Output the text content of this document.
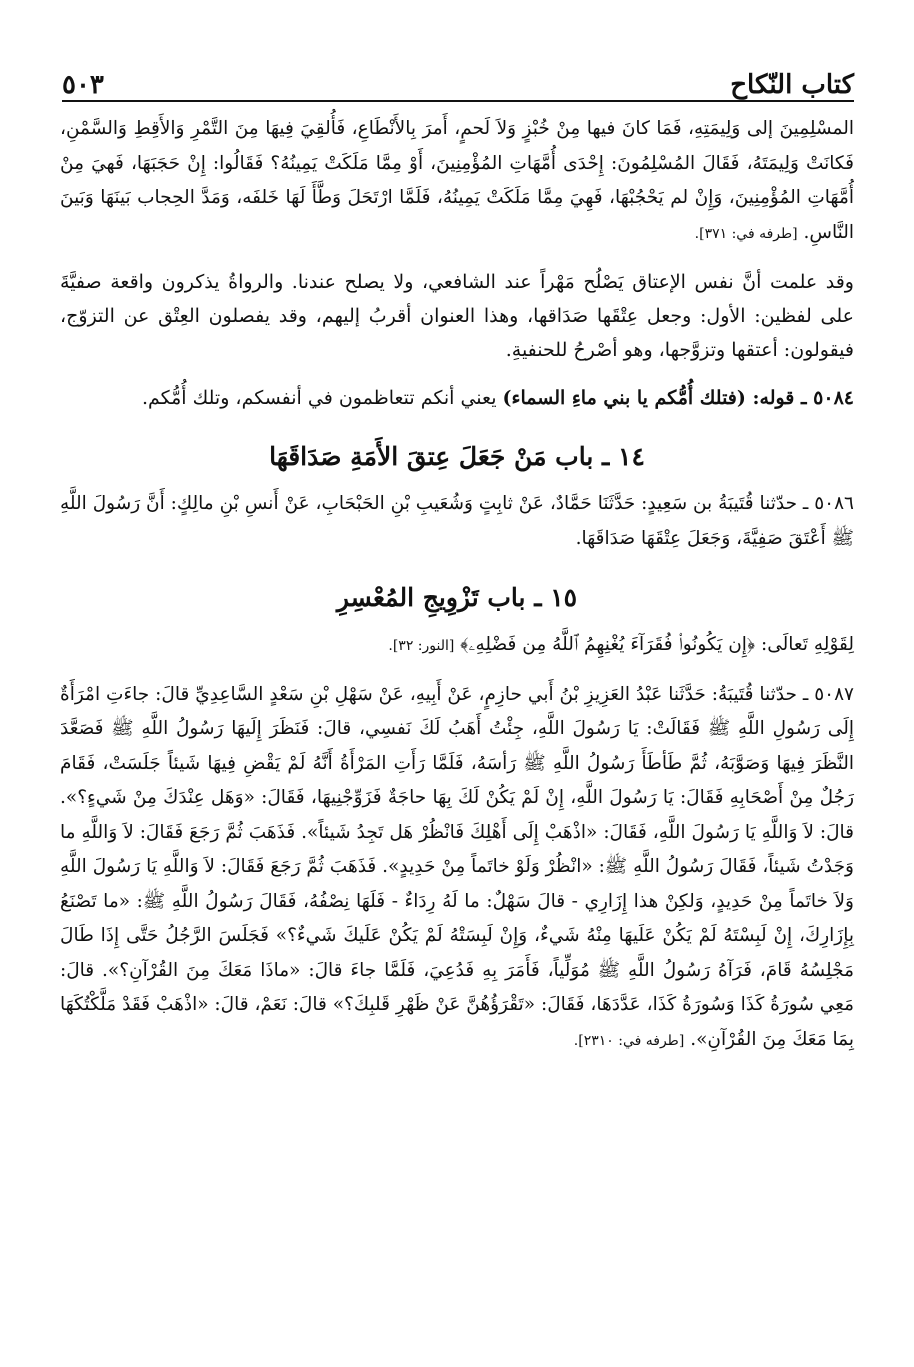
كتاب النّكاح
٥٠٣

المسْلِمِينَ إلى وَلِيمَتِهِ، فَمَا كانَ فيها مِنْ خُبْزٍ وَلاَ لَحمٍ، أَمرَ بِالأَنْطَاعِ، فَأُلقِيَ فِيهَا مِنَ التَّمْرِ وَالأَقِطِ وَالسَّمْنِ، فَكانَتْ وَلِيمَتَهُ، فَقَالَ المُسْلِمُونَ: إِحْدَى أُمَّهَاتِ المُؤْمِنِينَ، أَوْ مِمَّا مَلَكَتْ يَمِينُهُ؟ فَقَالُوا: إِنْ حَجَبَهَا، فَهيَ مِنْ أُمَّهَاتِ المُؤْمِنِينَ، وَإِنْ لم يَحْجُبْهَا، فَهِيَ مِمَّا مَلَكَتْ يَمِينُهُ، فَلَمَّا ارْتَحَلَ وَطَّأَ لَهَا خَلفَه، وَمَدَّ الحِجاب بَينَهَا وَبَينَ النَّاسِ. [طرفه في: ٣٧١].

وقد علمت أنَّ نفس الإعتاق يَصْلُح مَهْراً عند الشافعي، ولا يصلح عندنا. والرواةُ يذكرون واقعة صفيَّةَ على لفظين: الأول: وجعل عِتْقَها صَدَاقها، وهذا العنوان أقربُ إليهم، وقد يفصلون العِتْق عن التزوّج، فيقولون: أعتقها وتزوَّجها، وهو أصْرحُ للحنفيةِ.

٥٠٨٤ ـ قوله: (فتلك أُمُّكم يا بني ماءِ السماء) يعني أنكم تتعاظمون في أنفسكم، وتلك أُمُّكم.

١٤ ـ باب مَنْ جَعَلَ عِتقَ الأَمَةِ صَدَاقَهَا

٥٠٨٦ ـ حدّثنا قُتَيبَةُ بن سَعِيدٍ: حَدَّثَنَا حَمَّادٌ، عَنْ ثابِتٍ وَشُعَيبِ بْنِ الحَبْحَابِ، عَنْ أَنسِ بْنِ مالِكٍ: أَنَّ رَسُولَ اللَّهِ ﷺ أَعْتَقَ صَفِيَّةَ، وَجَعَلَ عِتْقَهَا صَدَاقَهَا.

١٥ ـ باب تَزْوِيجِ المُعْسِرِ

لِقَوْلِهِ تَعالَى: ﴿إِن يَكُونُوا۟ فُقَرَآءَ يُغْنِهِمُ ٱللَّهُ مِن فَضْلِهِۦ﴾ [النور: ٣٢].

٥٠٨٧ ـ حدّثنا قُتَيبَةُ: حَدَّثَنا عَبْدُ العَزِيزِ بْنُ أَبي حازِمٍ، عَنْ أَبِيهِ، عَنْ سَهْلِ بْنِ سَعْدٍ السَّاعِدِيِّ قالَ: جاءَتِ امْرَأَةٌ إِلَى رَسُولِ اللَّهِ ﷺ فَقَالَتْ: يَا رَسُولَ اللَّهِ، جِئْتُ أَهَبُ لَكَ نَفسِي، قالَ: فَنَظَرَ إِلَيهَا رَسُولُ اللَّهِ ﷺ فَصَعَّدَ النَّظَرَ فِيهَا وَصَوَّبَهُ، ثُمَّ طَأطَأَ رَسُولُ اللَّهِ ﷺ رَأسَهُ، فَلَمَّا رَأَتِ المَرْأَةُ أَنَّهُ لَمْ يَقْضِ فِيهَا شَيئاً جَلَسَتْ، فَقَامَ رَجُلٌ مِنْ أَصْحَابِهِ فَقَالَ: يَا رَسُولَ اللَّهِ، إِنْ لَمْ يَكُنْ لَكَ بِهَا حاجَةٌ فَزَوِّجْنِيهَا، فَقَالَ: «وَهَل عِنْدَكَ مِنْ شَيءٍ؟». قالَ: لاَ وَاللَّهِ يَا رَسُولَ اللَّهِ، فَقَالَ: «اذْهَبْ إِلَى أَهْلِكَ فَانْظُرْ هَل تَجِدُ شَيئاً». فَذَهَبَ ثُمَّ رَجَعَ فَقَالَ: لاَ وَاللَّهِ ما وَجَدْتُ شَيئاً، فَقَالَ رَسُولُ اللَّهِ ﷺ: «انْظُرْ وَلَوْ خاتَماً مِنْ حَدِيدٍ». فَذَهَبَ ثُمَّ رَجَعَ فَقَالَ: لاَ وَاللَّهِ يَا رَسُولَ اللَّهِ وَلاَ خاتَماً مِنْ حَدِيدٍ، وَلكِنْ هذا إِزَارِي - قالَ سَهْلٌ: ما لَهُ رِدَاءٌ - فَلَهَا نِصْفُهُ، فَقَالَ رَسُولُ اللَّهِ ﷺ: «ما تَصْنَعُ بِإِزَارِكَ، إِنْ لَبِسْتَهُ لَمْ يَكُنْ عَلَيهَا مِنْهُ شَيءٌ، وَإِنْ لَبِسَتْهُ لَمْ يَكُنْ عَلَيكَ شَيءٌ؟» فَجَلَسَ الرَّجُلُ حَتَّى إِذَا طَالَ مَجْلِسُهُ قَامَ، فَرَآهُ رَسُولُ اللَّهِ ﷺ مُوَلِّياً، فَأَمَرَ بِهِ فَدُعِيَ، فَلَمَّا جاءَ قالَ: «ماذَا مَعَكَ مِنَ القُرْآنِ؟». قالَ: مَعِي سُورَةُ كَذَا وَسُورَةُ كَذَا، عَدَّدَهَا، فَقَالَ: «تَقْرَؤُهُنَّ عَنْ ظَهْرِ قَلبِكَ؟» قالَ: نَعَمْ، قالَ: «اذْهَبْ فَقَدْ مَلَّكْتُكَهَا بِمَا مَعَكَ مِنَ القُرْآنِ». [طرفه في: ٢٣١٠].
